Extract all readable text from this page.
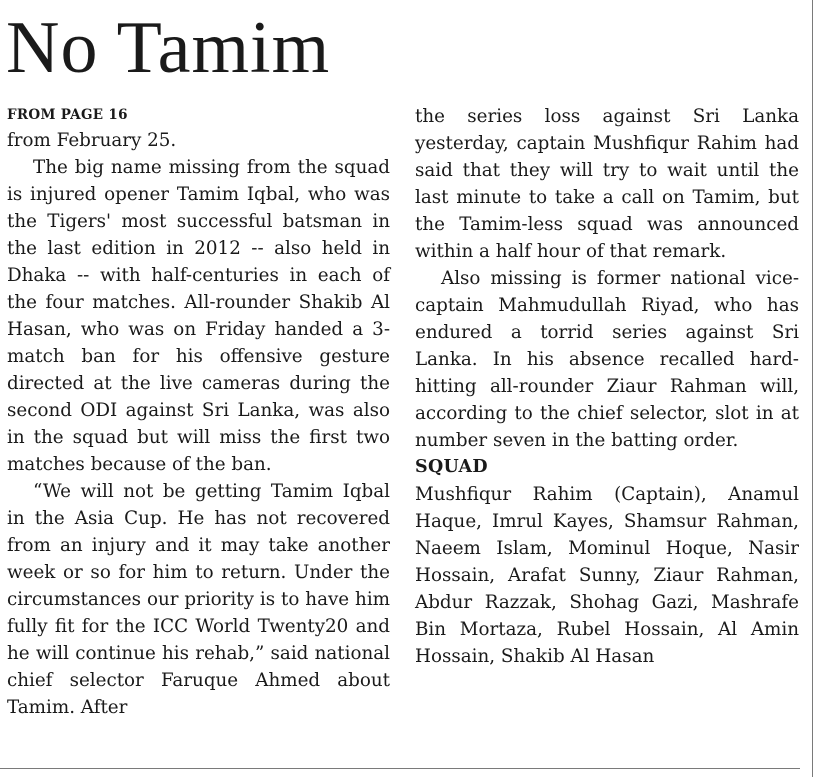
No Tamim

FROM PAGE 16

from February 25.

The big name missing from the squad is injured opener Tamim Iqbal, who was the Tigers' most successful batsman in the last edition in 2012 -- also held in Dhaka -- with half-centuries in each of the four matches. All-rounder Shakib Al Hasan, who was on Friday handed a 3-match ban for his offensive gesture directed at the live cameras during the second ODI against Sri Lanka, was also in the squad but will miss the first two matches because of the ban.

“We will not be getting Tamim Iqbal in the Asia Cup. He has not recovered from an injury and it may take another week or so for him to return. Under the circumstances our priority is to have him fully fit for the ICC World Twenty20 and he will continue his rehab,” said national chief selector Faruque Ahmed about Tamim. After

the series loss against Sri Lanka yesterday, captain Mushfiqur Rahim had said that they will try to wait until the last minute to take a call on Tamim, but the Tamim-less squad was announced within a half hour of that remark.

Also missing is former national vice-captain Mahmudullah Riyad, who has endured a torrid series against Sri Lanka. In his absence recalled hard-hitting all-rounder Ziaur Rahman will, according to the chief selector, slot in at number seven in the batting order.

SQUAD

Mushfiqur Rahim (Captain), Anamul Haque, Imrul Kayes, Shamsur Rahman, Naeem Islam, Mominul Hoque, Nasir Hossain, Arafat Sunny, Ziaur Rahman, Abdur Razzak, Shohag Gazi, Mashrafe Bin Mortaza, Rubel Hossain, Al Amin Hossain, Shakib Al Hasan
